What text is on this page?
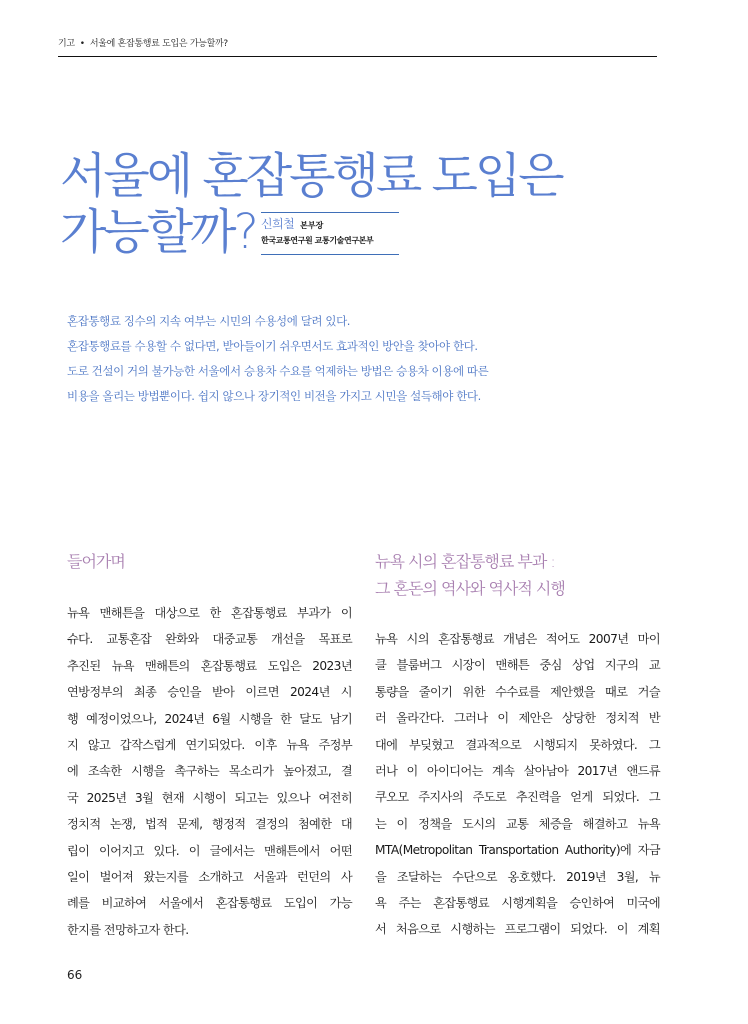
기고 • 서울에 혼잡통행료 도입은 가능할까?
서울에 혼잡통행료 도입은
가능할까? 신희철 본부장
한국교통연구원 교통기술연구본부

혼잡통행료 징수의 지속 여부는 시민의 수용성에 달려 있다.

혼잡통행료를 수용할 수 없다면, 받아들이기 쉬우면서도 효과적인 방안을 찾아야 한다.

도로 건설이 거의 불가능한 서울에서 승용차 수요를 억제하는 방법은 승용차 이용에 따른

비용을 올리는 방법뿐이다. 쉽지 않으나 장기적인 비전을 가지고 시민을 설득해야 한다.

들어가며	뉴욕 시의 혼잡통행료 부과 :
그 혼돈의 역사와 역사적 시행
뉴욕 맨해튼을 대상으로 한 혼잡통행료 부과가 이
슈다. 교통혼잡 완화와 대중교통 개선을 목표로
추진된 뉴욕 맨해튼의 혼잡통행료 도입은 2023년
연방정부의 최종 승인을 받아 이르면 2024년 시
행 예정이었으나, 2024년 6월 시행을 한 달도 남기
지 않고 갑작스럽게 연기되었다. 이후 뉴욕 주정부
에 조속한 시행을 촉구하는 목소리가 높아졌고, 결
국 2025년 3월 현재 시행이 되고는 있으나 여전히
정치적 논쟁, 법적 문제, 행정적 결정의 첨예한 대
립이 이어지고 있다. 이 글에서는 맨해튼에서 어떤
일이 벌어져 왔는지를 소개하고 서울과 런던의 사
례를 비교하여 서울에서 혼잡통행료 도입이 가능
한지를 전망하고자 한다.
뉴욕 시의 혼잡통행료 개념은 적어도 2007년 마이
클 블룸버그 시장이 맨해튼 중심 상업 지구의 교
통량을 줄이기 위한 수수료를 제안했을 때로 거슬
러 올라간다. 그러나 이 제안은 상당한 정치적 반
대에 부딪혔고 결과적으로 시행되지 못하였다. 그
러나 이 아이디어는 계속 살아남아 2017년 앤드류
쿠오모 주지사의 주도로 추진력을 얻게 되었다. 그
는 이 정책을 도시의 교통 체증을 해결하고 뉴욕
MTA(Metropolitan Transportation Authority)에 자금
을 조달하는 수단으로 옹호했다. 2019년 3월, 뉴
욕 주는 혼잡통행료 시행계획을 승인하여 미국에
서 처음으로 시행하는 프로그램이 되었다. 이 계획
66
